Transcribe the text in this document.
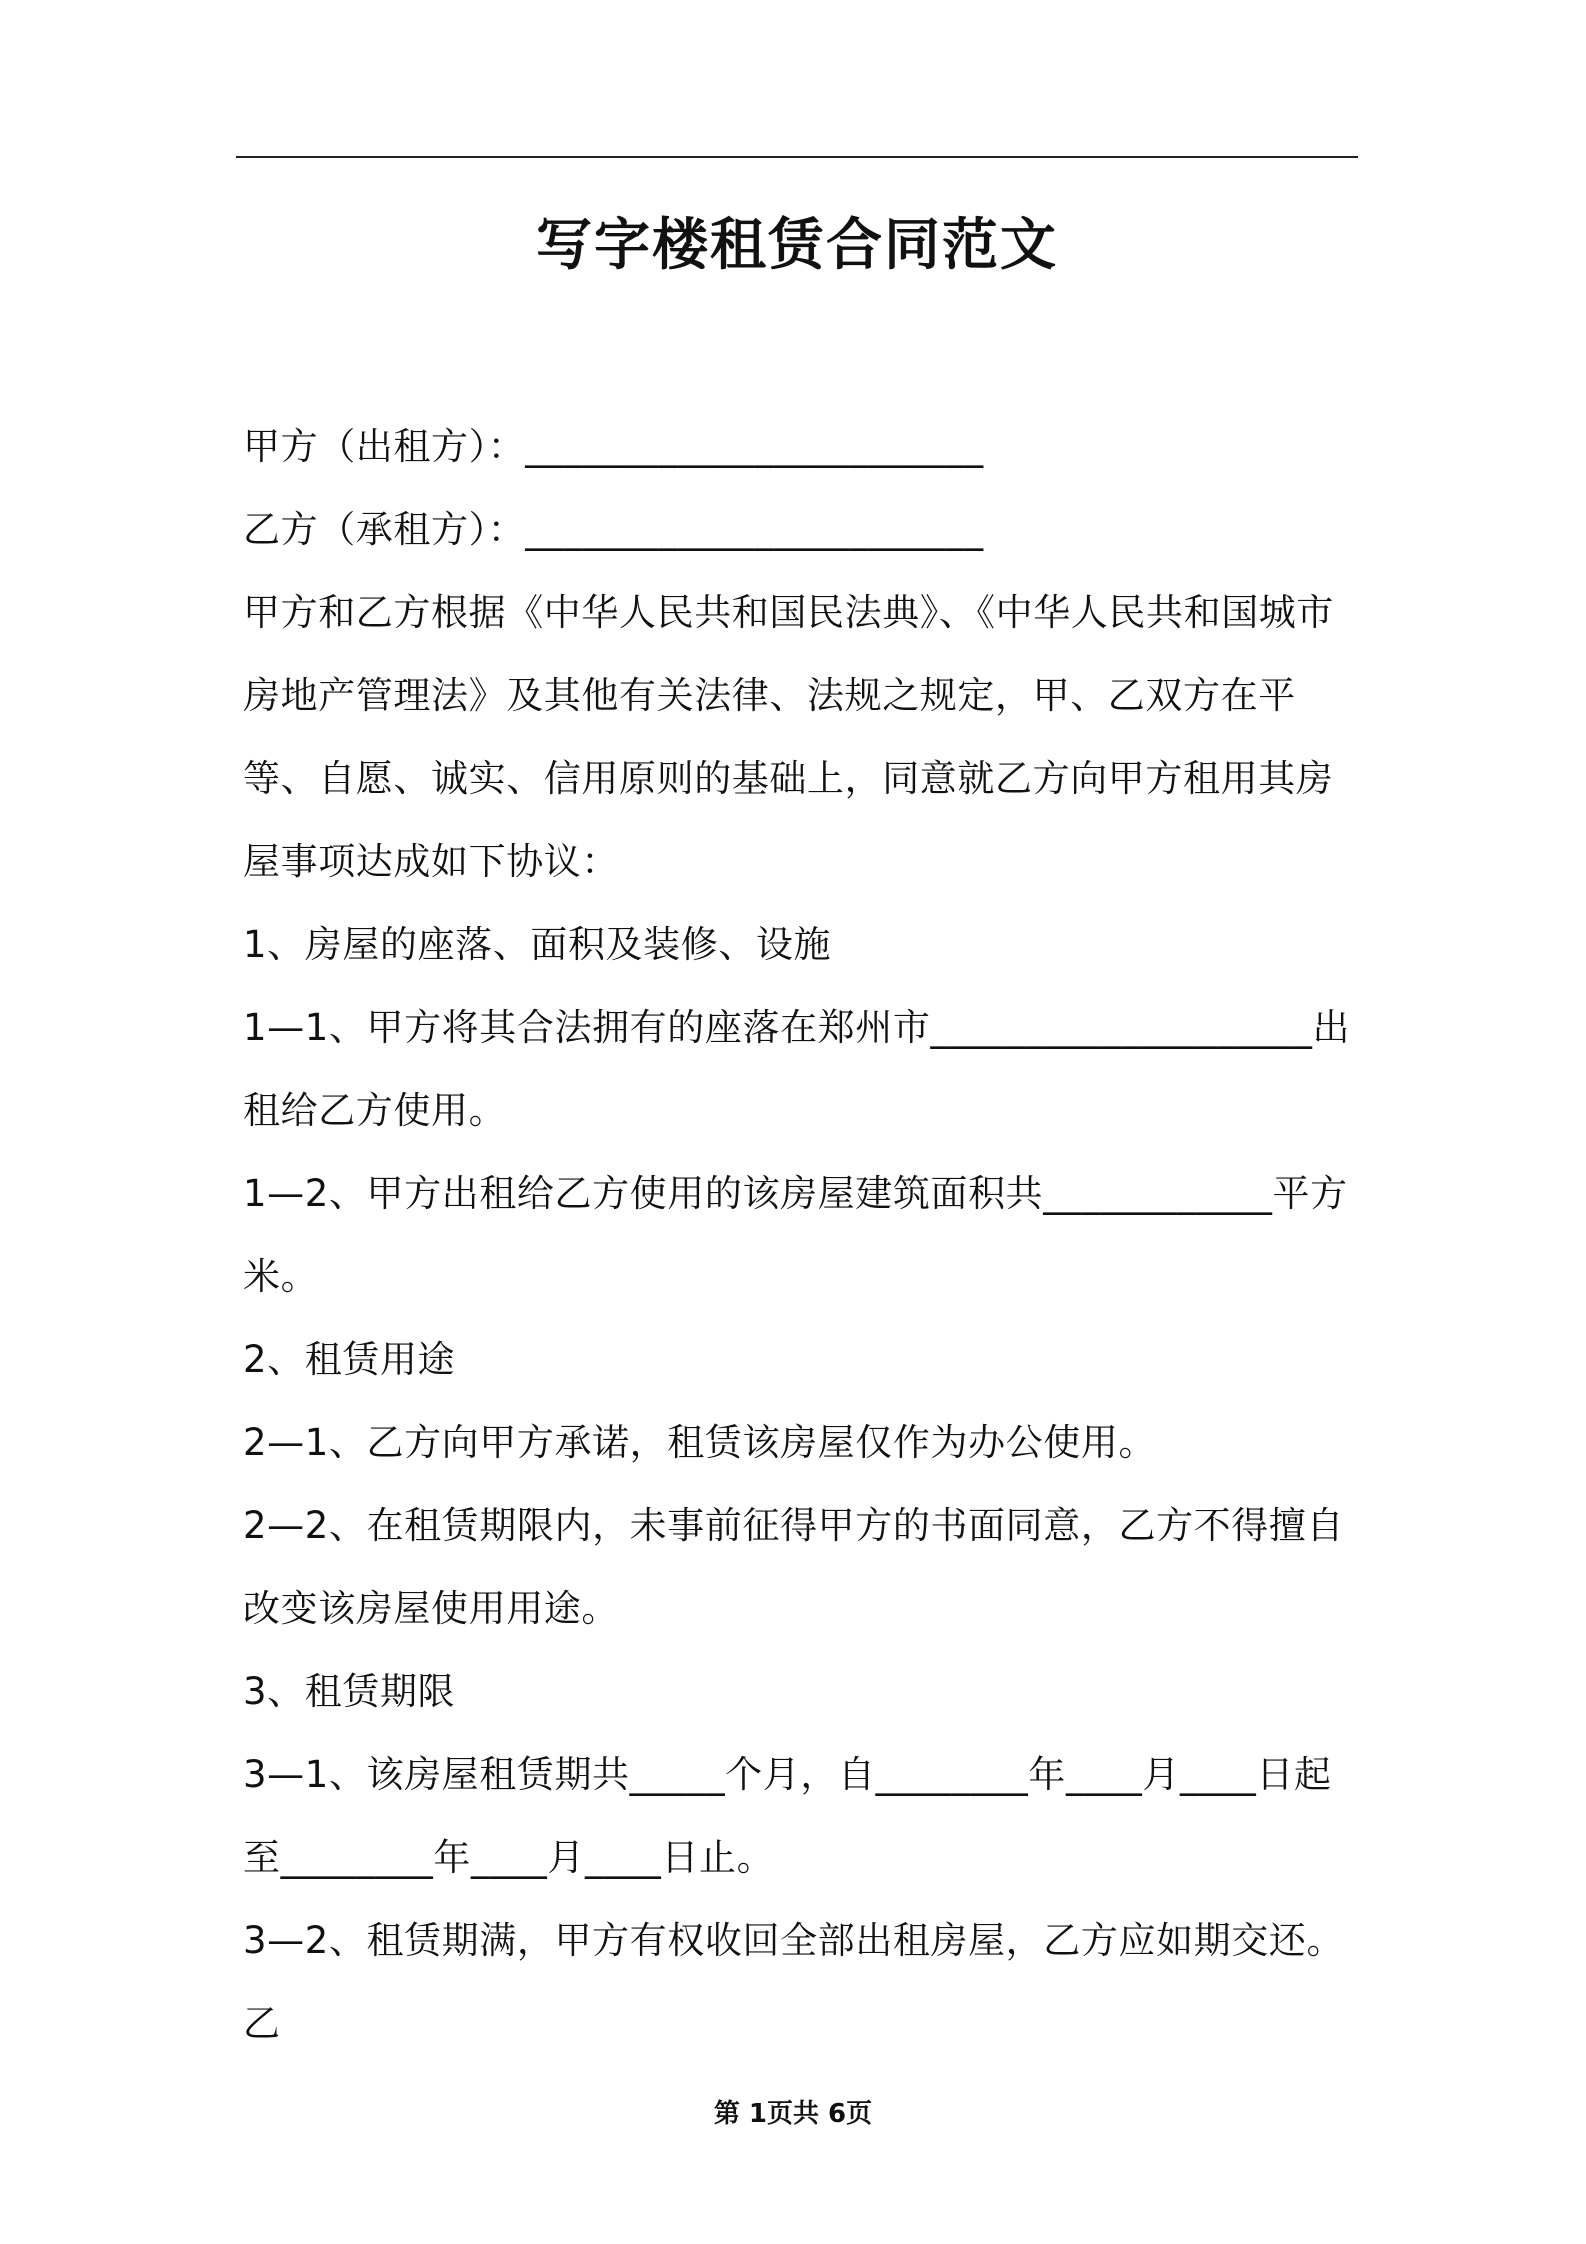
写字楼租赁合同范文

甲方（出租方）：________________________

乙方（承租方）：________________________

甲方和乙方根据《中华人民共和国民法典》、《中华人民共和国城市房地产管理法》及其他有关法律、法规之规定，甲、乙双方在平等、自愿、诚实、信用原则的基础上，同意就乙方向甲方租用其房屋事项达成如下协议：

1、房屋的座落、面积及装修、设施

1—1、甲方将其合法拥有的座落在郑州市____________________出租给乙方使用。

1—2、甲方出租给乙方使用的该房屋建筑面积共____________平方米。

2、租赁用途

2—1、乙方向甲方承诺，租赁该房屋仅作为办公使用。

2—2、在租赁期限内，未事前征得甲方的书面同意，乙方不得擅自改变该房屋使用用途。

3、租赁期限

3—1、该房屋租赁期共_____个月，自________年____月____日起至________年____月____日止。

3—2、租赁期满，甲方有权收回全部出租房屋，乙方应如期交还。乙

第 1页共 6页
